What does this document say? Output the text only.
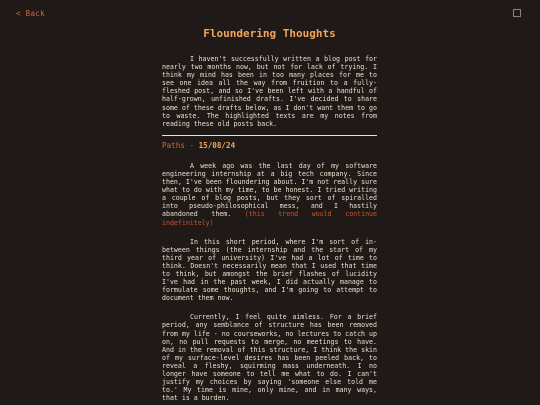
< Back
Floundering Thoughts

I haven't successfully written a blog post for nearly two months now, but not for lack of trying. I think my mind has been in too many places for me to see one idea all the way from fruition to a fully-fleshed post, and so I've been left with a handful of half-grown, unfinished drafts. I've decided to share some of these drafts below, as I don't want them to go to waste. The highlighted texts are my notes from reading these old posts back.

Paths - 15/08/24

A week ago was the last day of my software engineering internship at a big tech company. Since then, I've been floundering about. I'm not really sure what to do with my time, to be honest. I tried writing a couple of blog posts, but they sort of spiralled into pseudo-philosophical mess, and I hastily abandoned them. (this trend would continue indefinitely)

In this short period, where I'm sort of in-between things (the internship and the start of my third year of university) I've had a lot of time to think. Doesn't necessarily mean that I used that time to think, but amongst the brief flashes of lucidity I've had in the past week, I did actually manage to formulate some thoughts, and I'm going to attempt to document them now.

Currently, I feel quite aimless. For a brief period, any semblance of structure has been removed from my life - no courseworks, no lectures to catch up on, no pull requests to merge, no meetings to have. And in the removal of this structure, I think the skin of my surface-level desires has been peeled back, to reveal a fleshy, squirming mass underneath. I no longer have someone to tell me what to do. I can't justify my choices by saying 'someone else told me to.' My time is mine, only mine, and in many ways, that is a burden.
